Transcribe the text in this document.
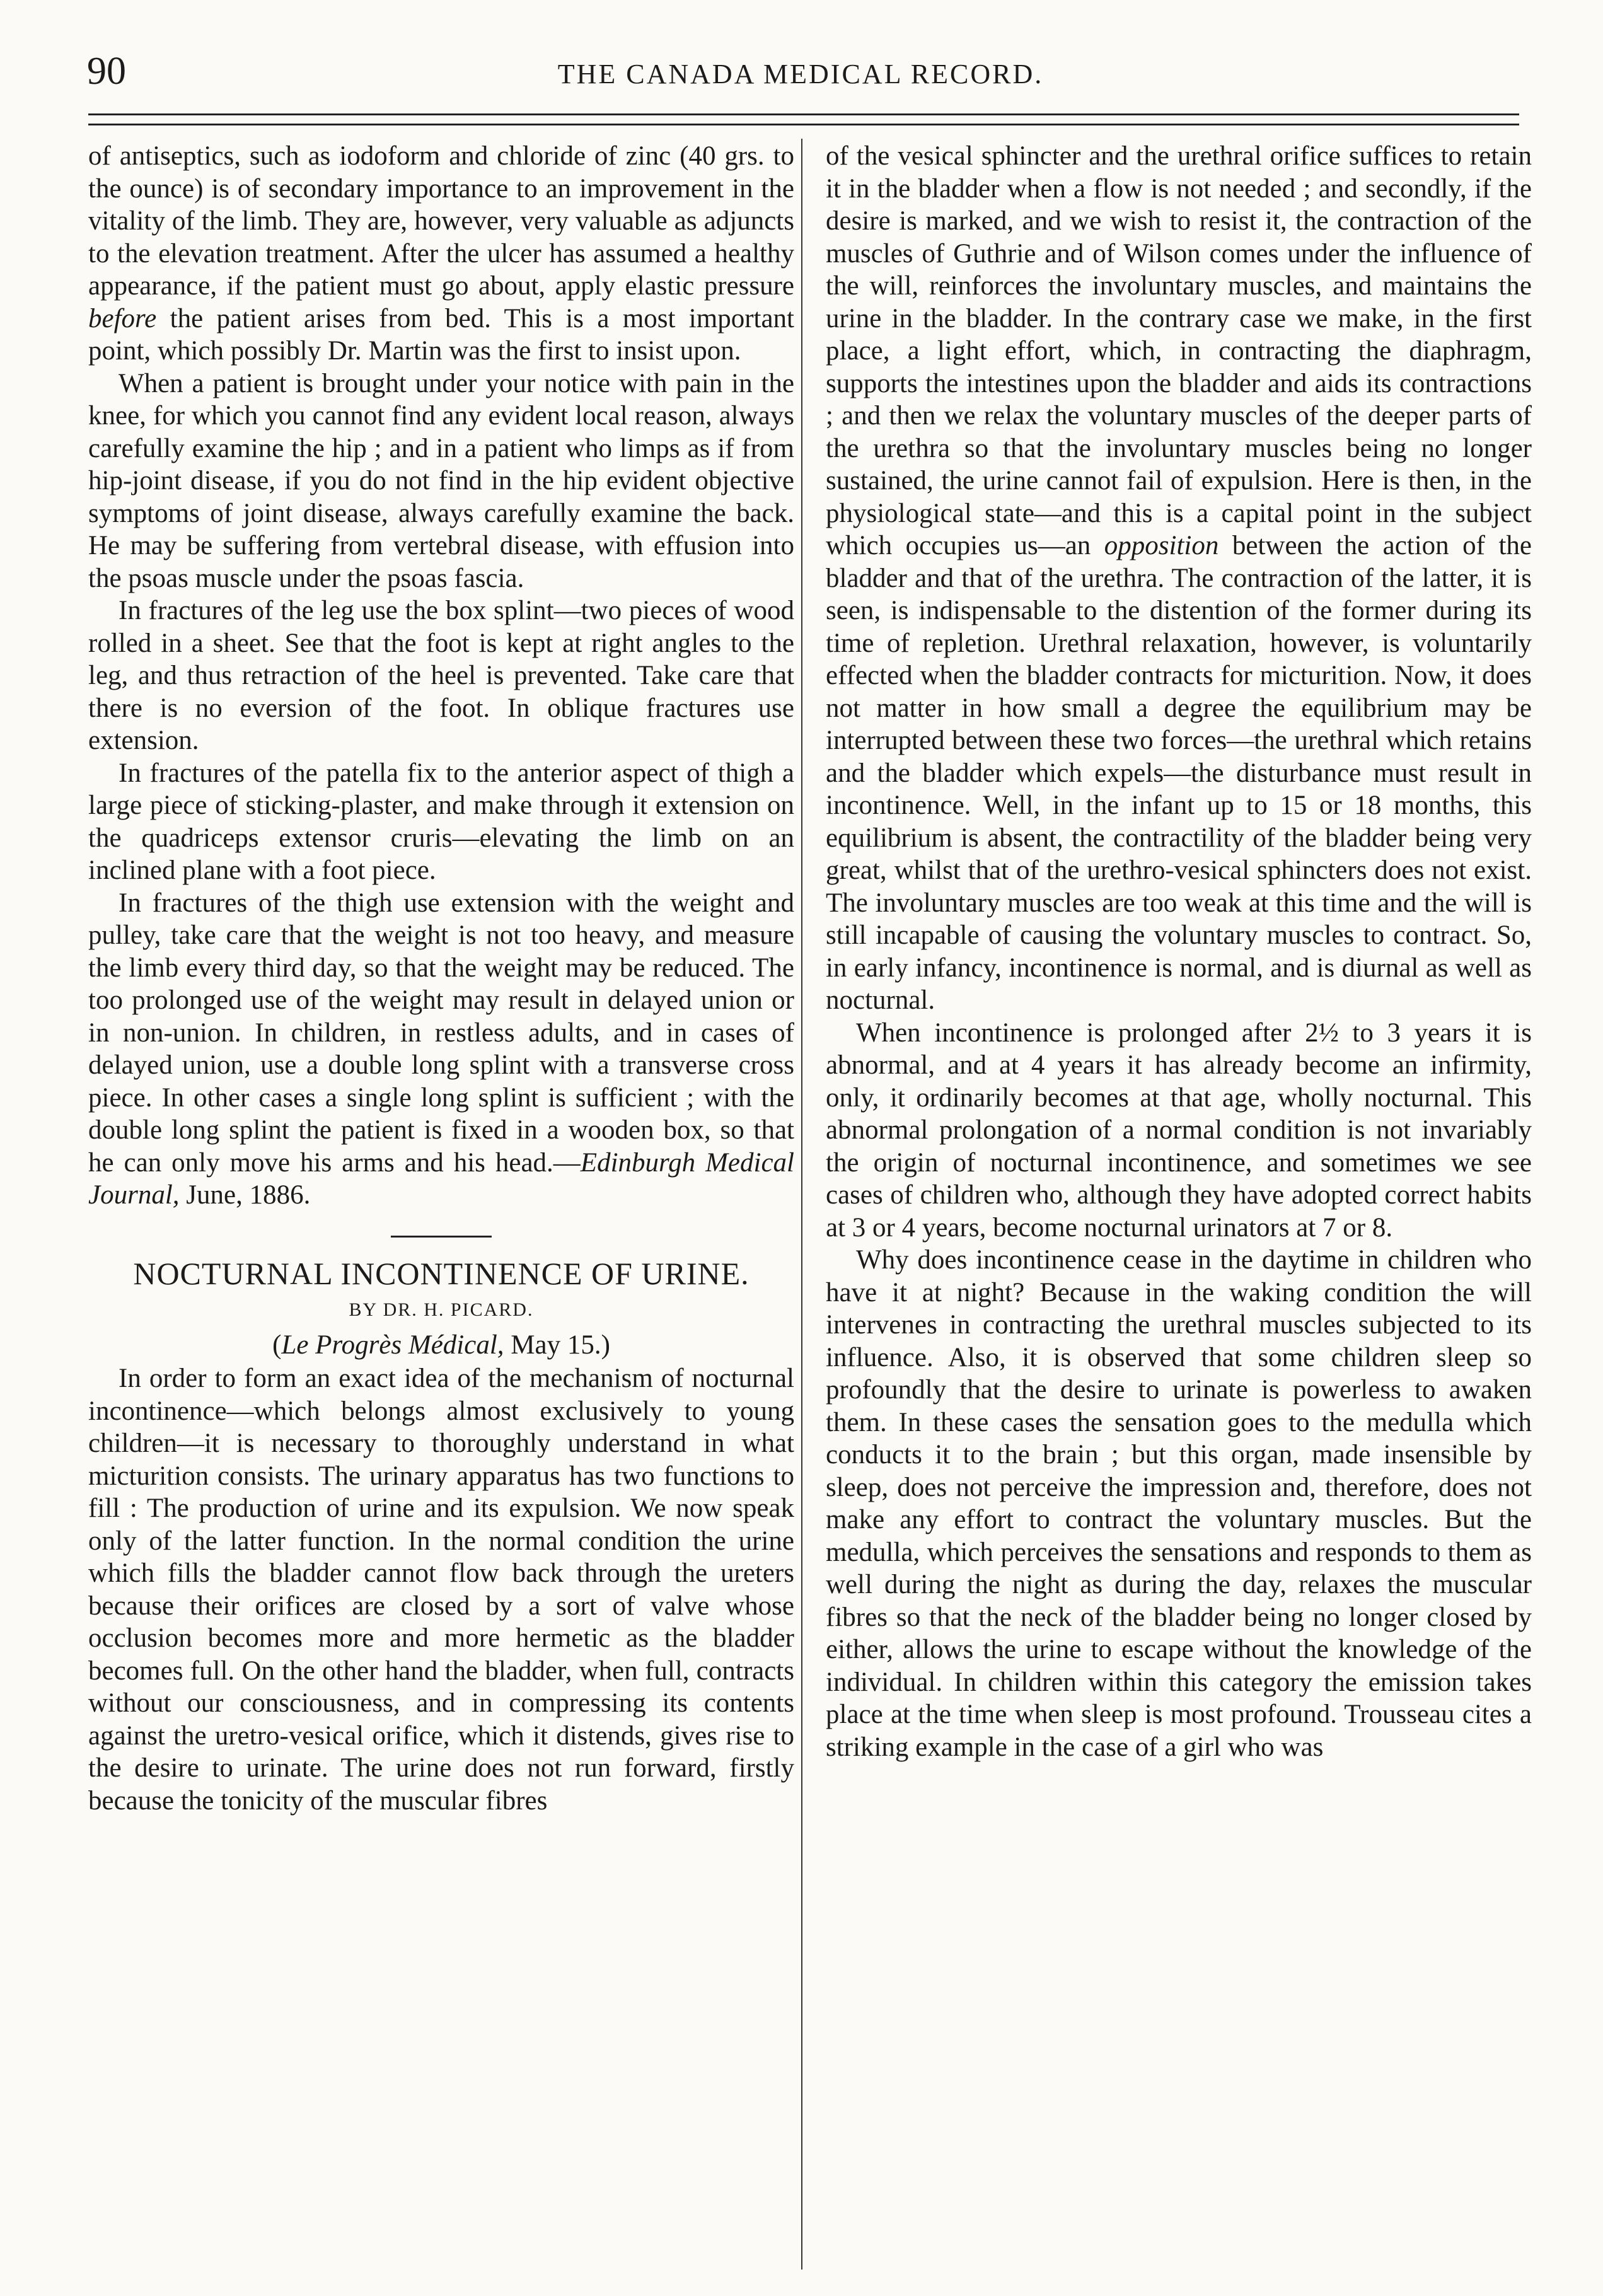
90	THE CANADA MEDICAL RECORD.

of antiseptics, such as iodoform and chloride of zinc (40 grs. to the ounce) is of secondary importance to an improvement in the vitality of the limb. They are, however, very valuable as adjuncts to the elevation treatment. After the ulcer has assumed a healthy appearance, if the patient must go about, apply elastic pressure before the patient arises from bed. This is a most important point, which possibly Dr. Martin was the first to insist upon.

When a patient is brought under your notice with pain in the knee, for which you cannot find any evident local reason, always carefully examine the hip ; and in a patient who limps as if from hip-joint disease, if you do not find in the hip evident objective symptoms of joint disease, always carefully examine the back. He may be suffering from vertebral disease, with effusion into the psoas muscle under the psoas fascia.

In fractures of the leg use the box splint—two pieces of wood rolled in a sheet. See that the foot is kept at right angles to the leg, and thus retraction of the heel is prevented. Take care that there is no eversion of the foot. In oblique fractures use extension.

In fractures of the patella fix to the anterior aspect of thigh a large piece of sticking-plaster, and make through it extension on the quadriceps extensor cruris—elevating the limb on an inclined plane with a foot piece.

In fractures of the thigh use extension with the weight and pulley, take care that the weight is not too heavy, and measure the limb every third day, so that the weight may be reduced. The too prolonged use of the weight may result in delayed union or in non-union. In children, in restless adults, and in cases of delayed union, use a double long splint with a transverse cross piece. In other cases a single long splint is sufficient ; with the double long splint the patient is fixed in a wooden box, so that he can only move his arms and his head.—Edinburgh Medical Journal, June, 1886.

NOCTURNAL INCONTINENCE OF URINE.
BY DR. H. PICARD.
(Le Progrès Médical, May 15.)

In order to form an exact idea of the mechanism of nocturnal incontinence—which belongs almost exclusively to young children—it is necessary to thoroughly understand in what micturition consists. The urinary apparatus has two functions to fill : The production of urine and its expulsion. We now speak only of the latter function. In the normal condition the urine which fills the bladder cannot flow back through the ureters because their orifices are closed by a sort of valve whose occlusion becomes more and more hermetic as the bladder becomes full. On the other hand the bladder, when full, contracts without our consciousness, and in compressing its contents against the uretro-vesical orifice, which it distends, gives rise to the desire to urinate. The urine does not run forward, firstly because the tonicity of the muscular fibres

of the vesical sphincter and the urethral orifice suffices to retain it in the bladder when a flow is not needed ; and secondly, if the desire is marked, and we wish to resist it, the contraction of the muscles of Guthrie and of Wilson comes under the influence of the will, reinforces the involuntary muscles, and maintains the urine in the bladder. In the contrary case we make, in the first place, a light effort, which, in contracting the diaphragm, supports the intestines upon the bladder and aids its contractions ; and then we relax the voluntary muscles of the deeper parts of the urethra so that the involuntary muscles being no longer sustained, the urine cannot fail of expulsion. Here is then, in the physiological state—and this is a capital point in the subject which occupies us—an opposition between the action of the bladder and that of the urethra. The contraction of the latter, it is seen, is indispensable to the distention of the former during its time of repletion. Urethral relaxation, however, is voluntarily effected when the bladder contracts for micturition. Now, it does not matter in how small a degree the equilibrium may be interrupted between these two forces—the urethral which retains and the bladder which expels—the disturbance must result in incontinence. Well, in the infant up to 15 or 18 months, this equilibrium is absent, the contractility of the bladder being very great, whilst that of the urethro-vesical sphincters does not exist. The involuntary muscles are too weak at this time and the will is still incapable of causing the voluntary muscles to contract. So, in early infancy, incontinence is normal, and is diurnal as well as nocturnal.

When incontinence is prolonged after 2½ to 3 years it is abnormal, and at 4 years it has already become an infirmity, only, it ordinarily becomes at that age, wholly nocturnal. This abnormal prolongation of a normal condition is not invariably the origin of nocturnal incontinence, and sometimes we see cases of children who, although they have adopted correct habits at 3 or 4 years, become nocturnal urinators at 7 or 8.

Why does incontinence cease in the daytime in children who have it at night? Because in the waking condition the will intervenes in contracting the urethral muscles subjected to its influence. Also, it is observed that some children sleep so profoundly that the desire to urinate is powerless to awaken them. In these cases the sensation goes to the medulla which conducts it to the brain ; but this organ, made insensible by sleep, does not perceive the impression and, therefore, does not make any effort to contract the voluntary muscles. But the medulla, which perceives the sensations and responds to them as well during the night as during the day, relaxes the muscular fibres so that the neck of the bladder being no longer closed by either, allows the urine to escape without the knowledge of the individual. In children within this category the emission takes place at the time when sleep is most profound. Trousseau cites a striking example in the case of a girl who was
